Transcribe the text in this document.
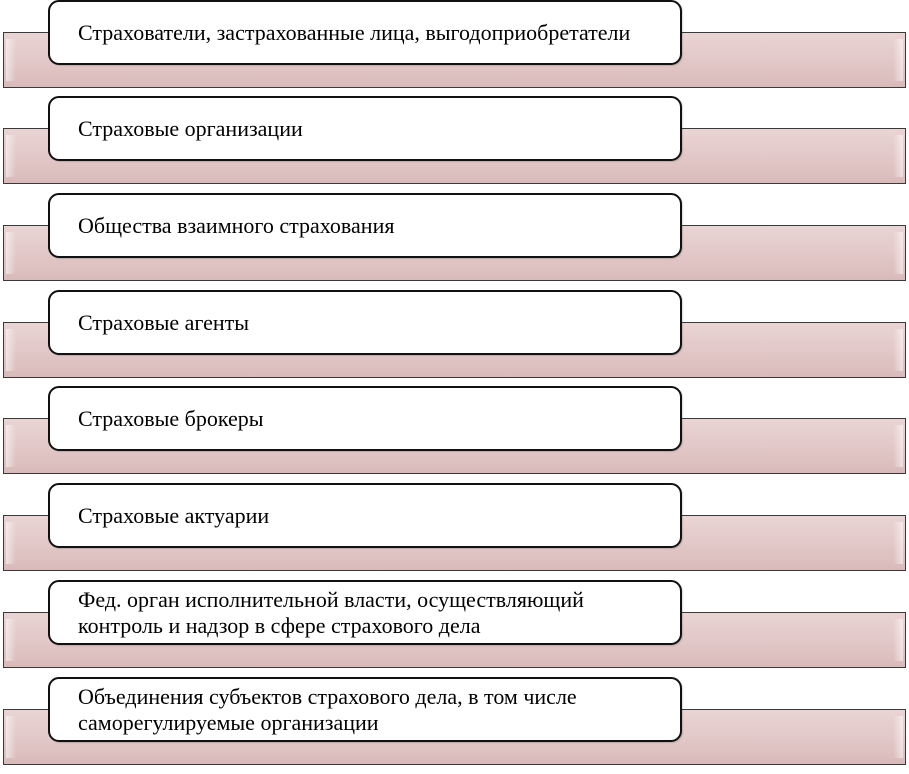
Страхователи, застрахованные лица, выгодоприобретатели
Страховые организации
Общества взаимного страхования
Страховые агенты
Страховые брокеры
Страховые актуарии
Фед. орган исполнительной власти, осуществляющий контроль и надзор в сфере страхового дела
Объединения субъектов страхового дела, в том числе саморегулируемые организации
